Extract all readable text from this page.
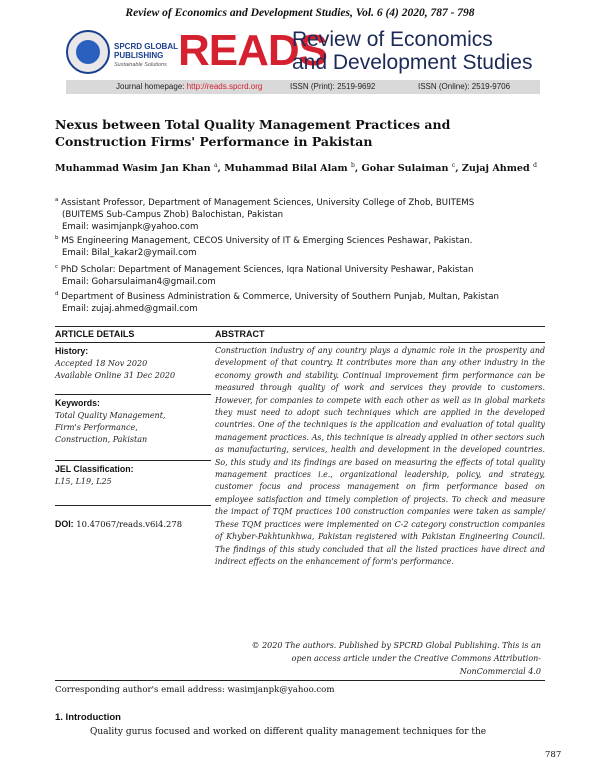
Review of Economics and Development Studies, Vol. 6 (4) 2020, 787 - 798
SPCRD GLOBAL
PUBLISHING
Sustainable Solutions READS
Review of Economics
and Development Studies
Journal homepage: http://reads.spcrd.org	ISSN (Print): 2519-9692	ISSN (Online): 2519-9706
Nexus between Total Quality Management Practices and Construction Firms' Performance in Pakistan
Muhammad Wasim Jan Khan $^a$, Muhammad Bilal Alam $^b$, Gohar Sulaiman $^c$, Zujaj Ahmed $^d$
$^a$ Assistant Professor, Department of Management Sciences, University College of Zhob, BUITEMS
(BUITEMS Sub-Campus Zhob) Balochistan, Pakistan
Email: wasimjanpk@yahoo.com
$^b$ MS Engineering Management, CECOS University of IT & Emerging Sciences Peshawar, Pakistan.
Email: Bilal_kakar2@ymail.com
$^c$ PhD Scholar: Department of Management Sciences, Iqra National University Peshawar, Pakistan
Email: Goharsulaiman4@gmail.com
$^d$ Department of Business Administration & Commerce, University of Southern Punjab, Multan, Pakistan
Email: zujaj.ahmed@gmail.com
ARTICLE DETAILS	ABSTRACT
History:
Accepted 18 Nov 2020
Available Online 31 Dec 2020
Keywords:
Total Quality Management,
Firm's Performance,
Construction, Pakistan
JEL Classification:
L15, L19, L25
DOI: 10.47067/reads.v6i4.278
Construction industry of any country plays a dynamic role in the prosperity and development of that country. It contributes more than any other industry in the economy growth and stability. Continual improvement firm performance can be measured through quality of work and services they provide to customers. However, for companies to compete with each other as well as in global markets they must need to adopt such techniques which are applied in the developed countries. One of the techniques is the application and evaluation of total quality management practices. As, this technique is already applied in other sectors such as manufacturing, services, health and development in the developed countries. So, this study and its findings are based on measuring the effects of total quality management practices i.e., organizational leadership, policy, and strategy, customer focus and process management on firm performance based on employee satisfaction and timely completion of projects. To check and measure the impact of TQM practices 100 construction companies were taken as sample/ These TQM practices were implemented on C-2 category construction companies of Khyber-Pakhtunkhwa, Pakistan registered with Pakistan Engineering Council. The findings of this study concluded that all the listed practices have direct and indirect effects on the enhancement of form's performance.
© 2020 The authors. Published by SPCRD Global Publishing. This is an
open access article under the Creative Commons Attribution-
NonCommercial 4.0
Corresponding author's email address: wasimjanpk@yahoo.com
1. Introduction
Quality gurus focused and worked on different quality management techniques for the
787
